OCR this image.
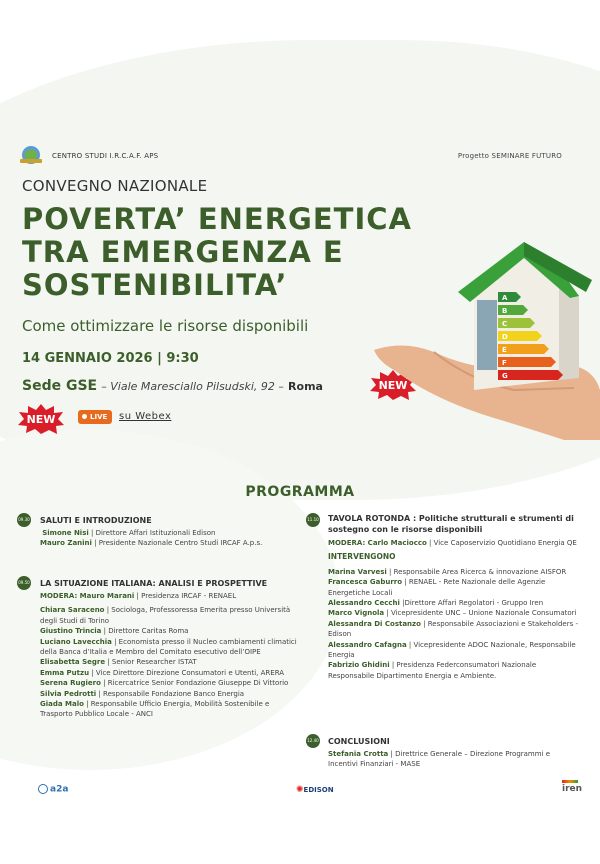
CENTRO STUDI I.R.C.A.F. APS	Progetto SEMINARE FUTURO
CONVEGNO NAZIONALE
POVERTA’ ENERGETICA
TRA EMERGENZA E
SOSTENIBILITA’
Come ottimizzare le risorse disponibili
14 GENNAIO 2026 | 9:30
Sede GSE – Viale Maresciallo Pilsudski, 92 – Roma	NEW
NEW	LIVE	su Webex
A
B
C
D
E
F
G
PROGRAMMA
09.30 SALUTI E INTRODUZIONE
Simone Nisi | Direttore Affari Istituzionali Edison
Mauro Zanini | Presidente Nazionale Centro Studi IRCAF A.p.s.
09.50 LA SITUAZIONE ITALIANA: ANALISI E PROSPETTIVE
MODERA: Mauro Marani | Presidenza IRCAF - RENAEL
Chiara Saraceno | Sociologa, Professoressa Emerita presso Università degli Studi di Torino
Giustino Trincia | Direttore Caritas Roma
Luciano Lavecchia | Economista presso il Nucleo cambiamenti climatici della Banca d’Italia e Membro del Comitato esecutivo dell’OIPE
Elisabetta Segre | Senior Researcher ISTAT
Emma Putzu | Vice Direttore Direzione Consumatori e Utenti, ARERA
Serena Rugiero | Ricercatrice Senior Fondazione Giuseppe Di Vittorio
Silvia Pedrotti | Responsabile Fondazione Banco Energia
Giada Malo | Responsabile Ufficio Energia, Mobilità Sostenibile e Trasporto Pubblico Locale - ANCI
11.10 TAVOLA ROTONDA : Politiche strutturali e strumenti di sostegno con le risorse disponibili
MODERA: Carlo Maciocco | Vice Caposervizio Quotidiano Energia QE
INTERVENGONO
Marina Varvesi | Responsabile Area Ricerca & innovazione AISFOR
Francesca Gaburro | RENAEL - Rete Nazionale delle Agenzie Energetiche Locali
Alessandro Cecchi |Direttore Affari Regolatori - Gruppo Iren
Marco Vignola | Vicepresidente UNC – Unione Nazionale Consumatori
Alessandra Di Costanzo | Responsabile Associazioni e Stakeholders - Edison
Alessandro Cafagna | Vicepresidente ADOC Nazionale, Responsabile Energia
Fabrizio Ghidini | Presidenza Federconsumatori Nazionale Responsabile Dipartimento Energia e Ambiente.
12.40 CONCLUSIONI
Stefania Crotta | Direttrice Generale – Direzione Programmi e Incentivi Finanziari - MASE
a2a	✺EDISON	iren
